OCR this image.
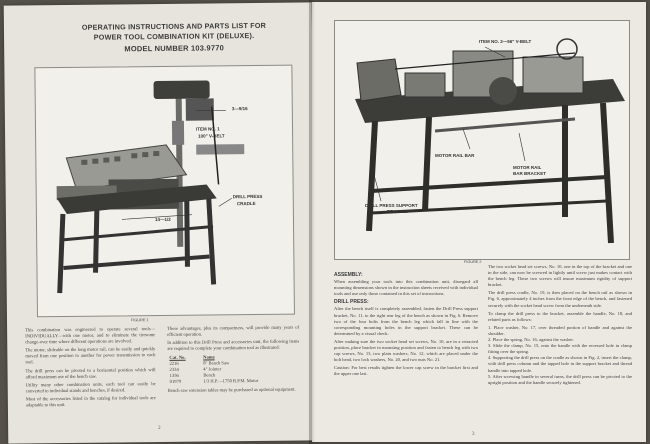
OPERATING INSTRUCTIONS AND PARTS LIST FOR
POWER TOOL COMBINATION KIT (DELUXE).
MODEL NUMBER 103.9770
3—9/16
ITEM NO. 1
100" V-BELT
14—1/2
DRILL PRESS
CRADLE
FIGURE 1

This combination was engineered to operate several tools—INDIVIDUALLY—with one motor, and to eliminate the tiresome change-over time where different operations are involved.

The motor, slideable on the long motor rail, can be easily and quickly moved from one position to another for power transmission to each tool.

The drill press can be pivoted to a horizontal position which will afford maximum use of the bench saw.

Utility many other combination units, each tool can easily be converted to individual stands and benches, if desired.

Most of the accessories listed in the catalog for individual tools are adaptable to this unit.

These advantages, plus its compactness, will provide many years of efficient operation.

In addition to this Drill Press and accessories unit, the following items are required to complete your combination tool as illustrated:

Cat. No.	Name
2216	8" Bench Saw
2334	4" Jointer
1356	Bench
01979	1/3 H.P.—1750 R.P.M. Motor

Bench saw extension tables may be purchased as optional equipment.

2
ITEM NO. 2—56" V-BELT
MOTOR RAIL BAR
MOTOR RAIL
BAR BRACKET
DRILL PRESS SUPPORT
BRACKET
FIGURE 2
ASSEMBLY:

When assembling your tools into this combination unit, disregard all mounting dimensions shown in the instruction sheets received with individual tools and use only those contained in this set of instructions.

DRILL PRESS:

After the bench itself is completely assembled, fasten the Drill Press support bracket, No. 11, to the right rear leg of the bench as shown in Fig. 6. Remove two of the four bolts from the bench leg which fall in line with the corresponding mounting holes in the support bracket. These can be determined by a visual check.

After making sure the two socket head set screws, No. 10, are in a retracted position, place bracket in mounting position and fasten to bench leg with two cap screws, No. 13, two plain washers, No. 12, which are placed under the bolt head, two lock washers, No. 20, and two nuts No. 21.

Caution: For best results tighten the lower cap screw in the bracket first and the upper one last.

The two socket head set screws, No. 10, one in the top of the bracket and one in the side, can now be screwed in lightly until screw just makes contact with the bench leg. These two screws will insure maximum rigidity of support bracket.

The drill press cradle, No. 19, is then placed on the bench rail as shown in Fig. 6, approximately 4 inches from the front edge of the bench, and fastened securely with the socket head screw from the underneath side.

To clamp the drill press to the bracket, assemble the handle, No. 18, and related parts as follows:

1. Place washer, No. 17, over threaded portion of handle and against the shoulder.
2. Place the spring, No. 16, against the washer.
3. Slide the clamp, No. 15, onto the handle with the recessed hole in clamp fitting over the spring.
4. Supporting the drill press on the cradle as shown in Fig. 2, insert the clamp, with drill press column and the tapped hole in the support bracket and thread handle into tapped hole.
5. After screwing handle in several turns, the drill press can be pivoted to the upright position and the handle securely tightened.
3
